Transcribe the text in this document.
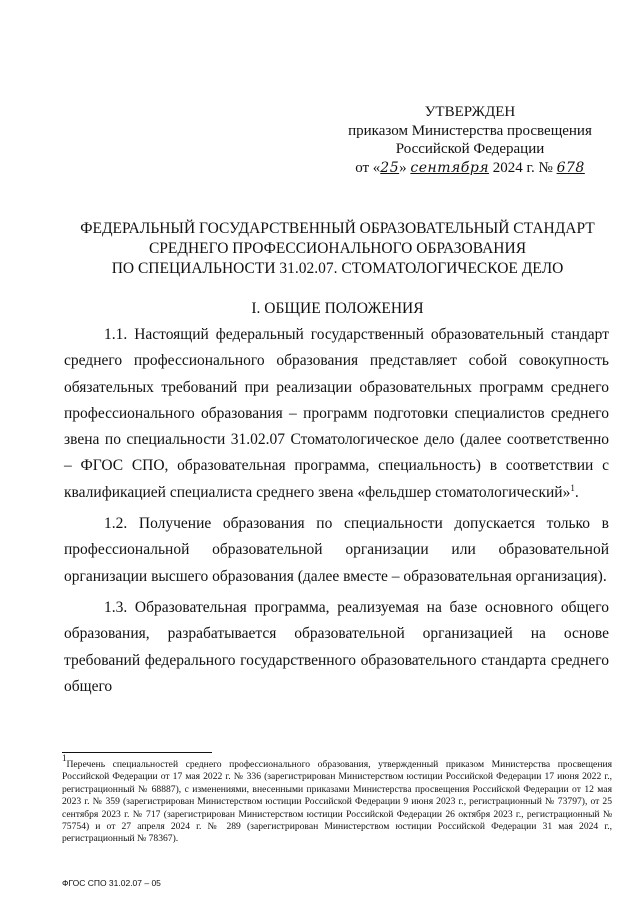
УТВЕРЖДЕН
приказом Министерства просвещения
Российской Федерации
от «25» сентября 2024 г. № 678
ФЕДЕРАЛЬНЫЙ ГОСУДАРСТВЕННЫЙ ОБРАЗОВАТЕЛЬНЫЙ СТАНДАРТ
СРЕДНЕГО ПРОФЕССИОНАЛЬНОГО ОБРАЗОВАНИЯ
ПО СПЕЦИАЛЬНОСТИ 31.02.07. СТОМАТОЛОГИЧЕСКОЕ ДЕЛО
I. ОБЩИЕ ПОЛОЖЕНИЯ

1.1. Настоящий федеральный государственный образовательный стандарт среднего профессионального образования представляет собой совокупность обязательных требований при реализации образовательных программ среднего профессионального образования – программ подготовки специалистов среднего звена по специальности 31.02.07 Стоматологическое дело (далее соответственно – ФГОС СПО, образовательная программа, специальность) в соответствии с квалификацией специалиста среднего звена «фельдшер стоматологический»$^1$.

1.2. Получение образования по специальности допускается только в профессиональной образовательной организации или образовательной организации высшего образования (далее вместе – образовательная организация).

1.3. Образовательная программа, реализуемая на базе основного общего образования, разрабатывается образовательной организацией на основе требований федерального государственного образовательного стандарта среднего общего

$^1$Перечень специальностей среднего профессионального образования, утвержденный приказом Министерства просвещения Российской Федерации от 17 мая 2022 г. № 336 (зарегистрирован Министерством юстиции Российской Федерации 17 июня 2022 г., регистрационный № 68887), с изменениями, внесенными приказами Министерства просвещения Российской Федерации от 12 мая 2023 г. № 359 (зарегистрирован Министерством юстиции Российской Федерации 9 июня 2023 г., регистрационный № 73797), от 25 сентября 2023 г. № 717 (зарегистрирован Министерством юстиции Российской Федерации 26 октября 2023 г., регистрационный № 75754) и от 27 апреля 2024 г. № 289 (зарегистрирован Министерством юстиции Российской Федерации 31 мая 2024 г., регистрационный № 78367).
ФГОС СПО 31.02.07 – 05
